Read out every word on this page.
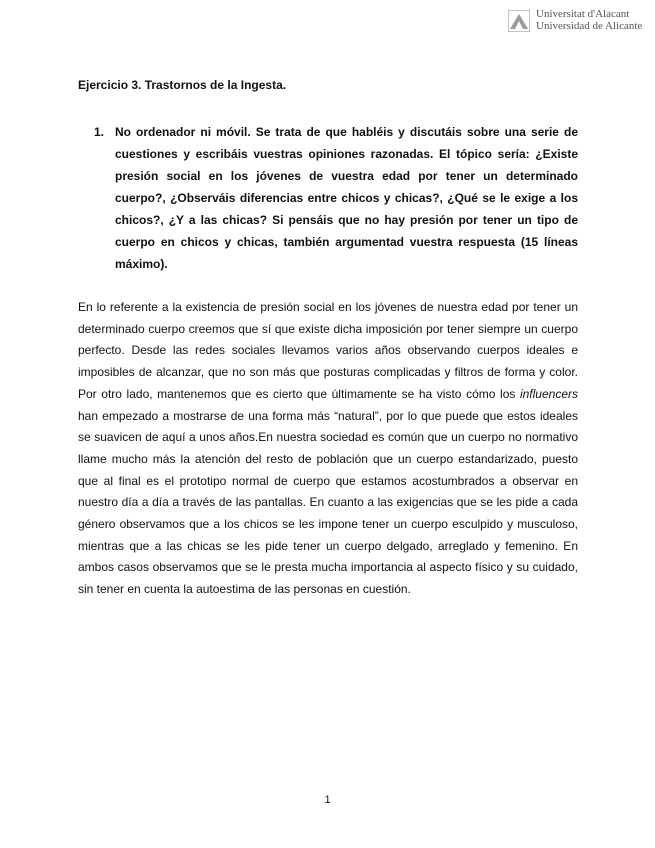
Universitat d'Alacant
Universidad de Alicante
Ejercicio 3. Trastornos de la Ingesta.
1. No ordenador ni móvil. Se trata de que habléis y discutáis sobre una serie de cuestiones y escribáis vuestras opiniones razonadas. El tópico sería: ¿Existe presión social en los jóvenes de vuestra edad por tener un determinado cuerpo?, ¿Observáis diferencias entre chicos y chicas?, ¿Qué se le exige a los chicos?, ¿Y a las chicas? Si pensáis que no hay presión por tener un tipo de cuerpo en chicos y chicas, también argumentad vuestra respuesta (15 líneas máximo).

En lo referente a la existencia de presión social en los jóvenes de nuestra edad por tener un determinado cuerpo creemos que sí que existe dicha imposición por tener siempre un cuerpo perfecto. Desde las redes sociales llevamos varios años observando cuerpos ideales e imposibles de alcanzar, que no son más que posturas complicadas y filtros de forma y color. Por otro lado, mantenemos que es cierto que últimamente se ha visto cómo los influencers han empezado a mostrarse de una forma más “natural”, por lo que puede que estos ideales se suavicen de aquí a unos años.En nuestra sociedad es común que un cuerpo no normativo llame mucho más la atención del resto de población que un cuerpo estandarizado, puesto que al final es el prototipo normal de cuerpo que estamos acostumbrados a observar en nuestro día a día a través de las pantallas. En cuanto a las exigencias que se les pide a cada género observamos que a los chicos se les impone tener un cuerpo esculpido y musculoso, mientras que a las chicas se les pide tener un cuerpo delgado, arreglado y femenino. En ambos casos observamos que se le presta mucha importancia al aspecto físico y su cuidado, sin tener en cuenta la autoestima de las personas en cuestión.

1
